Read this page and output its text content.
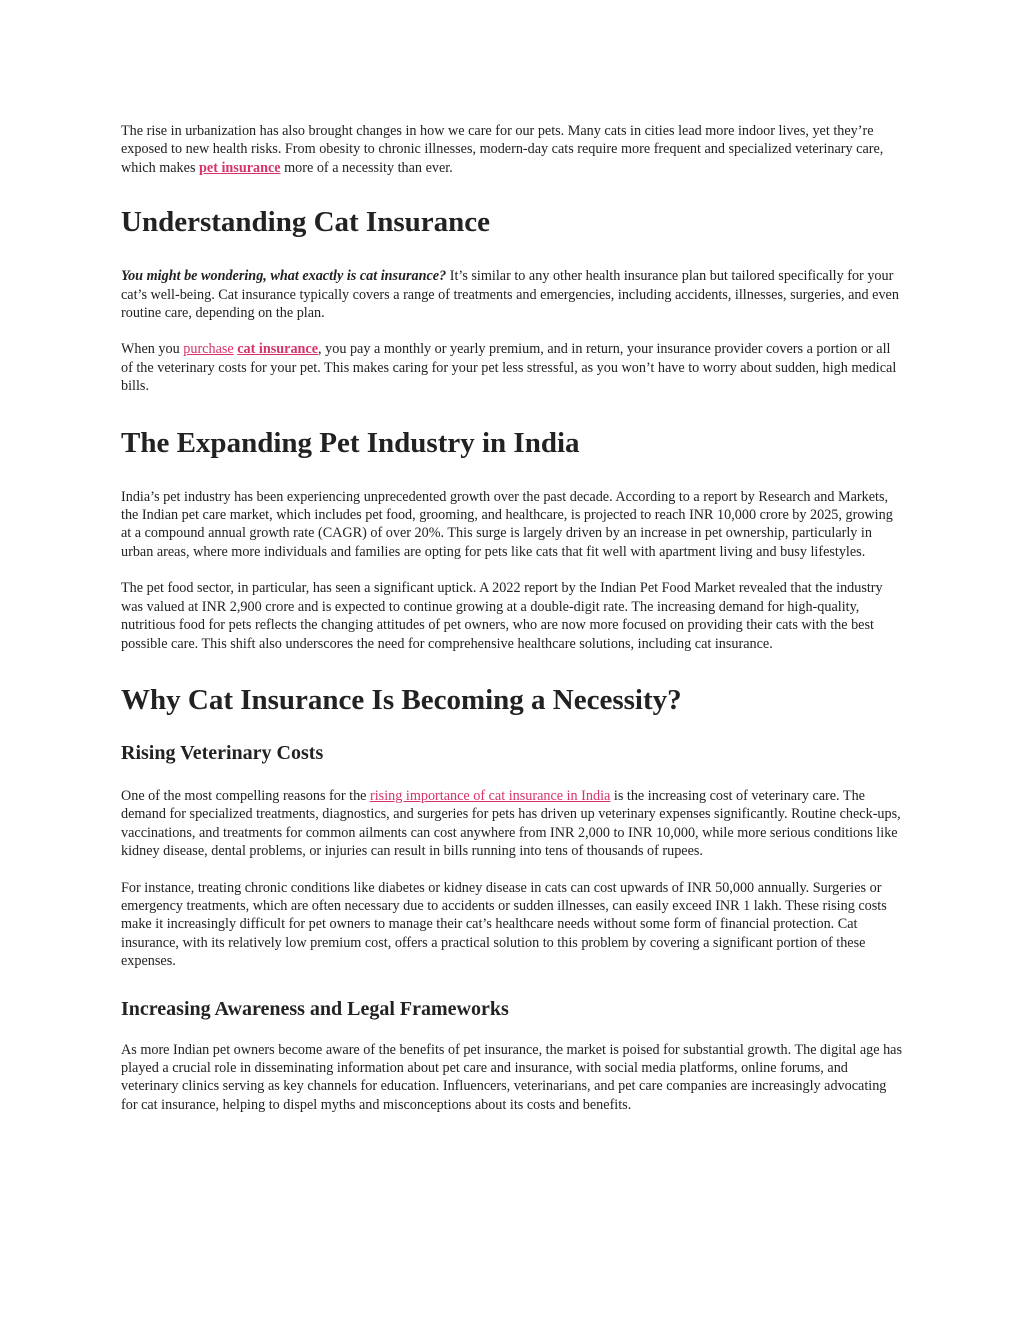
The rise in urbanization has also brought changes in how we care for our pets. Many cats in cities lead more indoor lives, yet they’re exposed to new health risks. From obesity to chronic illnesses, modern-day cats require more frequent and specialized veterinary care, which makes pet insurance more of a necessity than ever.

Understanding Cat Insurance

You might be wondering, what exactly is cat insurance? It’s similar to any other health insurance plan but tailored specifically for your cat’s well-being. Cat insurance typically covers a range of treatments and emergencies, including accidents, illnesses, surgeries, and even routine care, depending on the plan.

When you purchase cat insurance, you pay a monthly or yearly premium, and in return, your insurance provider covers a portion or all of the veterinary costs for your pet. This makes caring for your pet less stressful, as you won’t have to worry about sudden, high medical bills.

The Expanding Pet Industry in India

India’s pet industry has been experiencing unprecedented growth over the past decade. According to a report by Research and Markets, the Indian pet care market, which includes pet food, grooming, and healthcare, is projected to reach INR 10,000 crore by 2025, growing at a compound annual growth rate (CAGR) of over 20%. This surge is largely driven by an increase in pet ownership, particularly in urban areas, where more individuals and families are opting for pets like cats that fit well with apartment living and busy lifestyles.

The pet food sector, in particular, has seen a significant uptick. A 2022 report by the Indian Pet Food Market revealed that the industry was valued at INR 2,900 crore and is expected to continue growing at a double-digit rate. The increasing demand for high-quality, nutritious food for pets reflects the changing attitudes of pet owners, who are now more focused on providing their cats with the best possible care. This shift also underscores the need for comprehensive healthcare solutions, including cat insurance.

Why Cat Insurance Is Becoming a Necessity?
Rising Veterinary Costs

One of the most compelling reasons for the rising importance of cat insurance in India is the increasing cost of veterinary care. The demand for specialized treatments, diagnostics, and surgeries for pets has driven up veterinary expenses significantly. Routine check-ups, vaccinations, and treatments for common ailments can cost anywhere from INR 2,000 to INR 10,000, while more serious conditions like kidney disease, dental problems, or injuries can result in bills running into tens of thousands of rupees.

For instance, treating chronic conditions like diabetes or kidney disease in cats can cost upwards of INR 50,000 annually. Surgeries or emergency treatments, which are often necessary due to accidents or sudden illnesses, can easily exceed INR 1 lakh. These rising costs make it increasingly difficult for pet owners to manage their cat’s healthcare needs without some form of financial protection. Cat insurance, with its relatively low premium cost, offers a practical solution to this problem by covering a significant portion of these expenses.

Increasing Awareness and Legal Frameworks

As more Indian pet owners become aware of the benefits of pet insurance, the market is poised for substantial growth. The digital age has played a crucial role in disseminating information about pet care and insurance, with social media platforms, online forums, and veterinary clinics serving as key channels for education. Influencers, veterinarians, and pet care companies are increasingly advocating for cat insurance, helping to dispel myths and misconceptions about its costs and benefits.
